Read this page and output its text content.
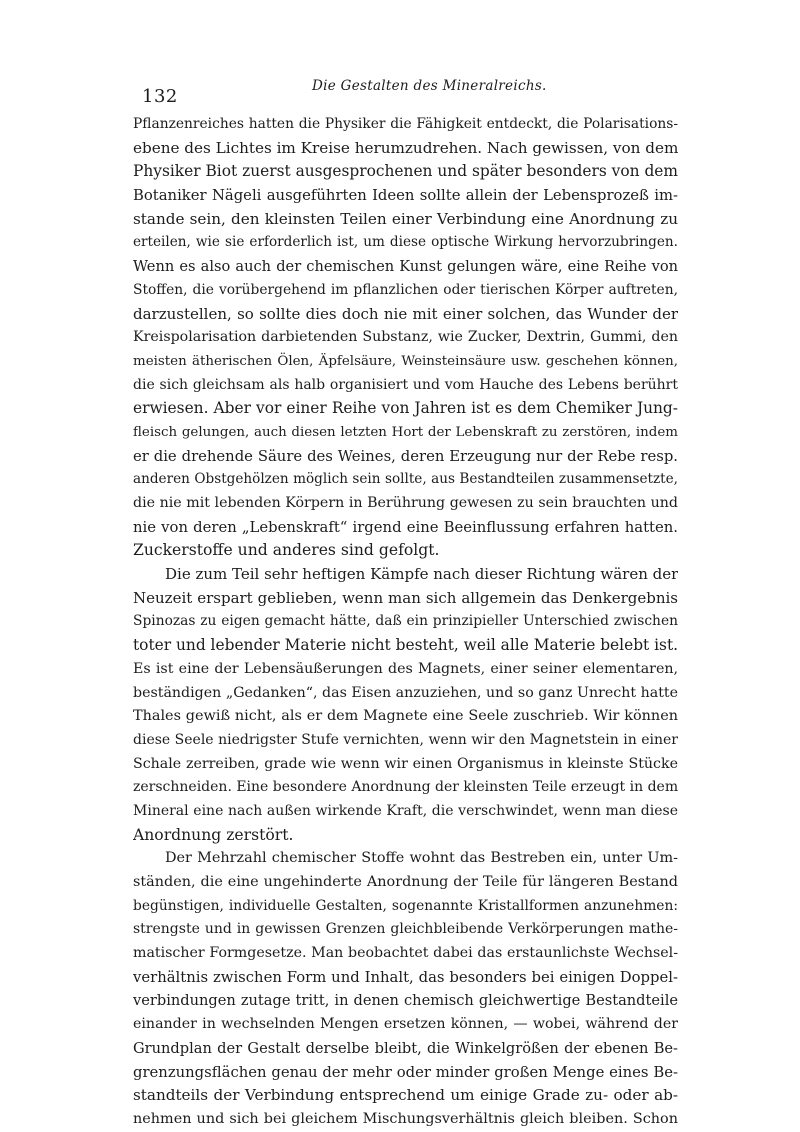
132	Die Gestalten des Mineralreichs.
Pflanzenreiches hatten die Physiker die Fähigkeit entdeckt, die Polarisations-
ebene des Lichtes im Kreise herumzudrehen. Nach gewissen, von dem
Physiker Biot zuerst ausgesprochenen und später besonders von dem
Botaniker Nägeli ausgeführten Ideen sollte allein der Lebensprozeß im-
stande sein, den kleinsten Teilen einer Verbindung eine Anordnung zu
erteilen, wie sie erforderlich ist, um diese optische Wirkung hervorzubringen.
Wenn es also auch der chemischen Kunst gelungen wäre, eine Reihe von
Stoffen, die vorübergehend im pflanzlichen oder tierischen Körper auftreten,
darzustellen, so sollte dies doch nie mit einer solchen, das Wunder der
Kreispolarisation darbietenden Substanz, wie Zucker, Dextrin, Gummi, den
meisten ätherischen Ölen, Äpfelsäure, Weinsteinsäure usw. geschehen können,
die sich gleichsam als halb organisiert und vom Hauche des Lebens berührt
erwiesen. Aber vor einer Reihe von Jahren ist es dem Chemiker Jung-
fleisch gelungen, auch diesen letzten Hort der Lebenskraft zu zerstören, indem
er die drehende Säure des Weines, deren Erzeugung nur der Rebe resp.
anderen Obstgehölzen möglich sein sollte, aus Bestandteilen zusammensetzte,
die nie mit lebenden Körpern in Berührung gewesen zu sein brauchten und
nie von deren „Lebenskraft“ irgend eine Beeinflussung erfahren hatten.
Zuckerstoffe und anderes sind gefolgt.
Die zum Teil sehr heftigen Kämpfe nach dieser Richtung wären der
Neuzeit erspart geblieben, wenn man sich allgemein das Denkergebnis
Spinozas zu eigen gemacht hätte, daß ein prinzipieller Unterschied zwischen
toter und lebender Materie nicht besteht, weil alle Materie belebt ist.
Es ist eine der Lebensäußerungen des Magnets, einer seiner elementaren,
beständigen „Gedanken“, das Eisen anzuziehen, und so ganz Unrecht hatte
Thales gewiß nicht, als er dem Magnete eine Seele zuschrieb. Wir können
diese Seele niedrigster Stufe vernichten, wenn wir den Magnetstein in einer
Schale zerreiben, grade wie wenn wir einen Organismus in kleinste Stücke
zerschneiden. Eine besondere Anordnung der kleinsten Teile erzeugt in dem
Mineral eine nach außen wirkende Kraft, die verschwindet, wenn man diese
Anordnung zerstört.
Der Mehrzahl chemischer Stoffe wohnt das Bestreben ein, unter Um-
ständen, die eine ungehinderte Anordnung der Teile für längeren Bestand
begünstigen, individuelle Gestalten, sogenannte Kristallformen anzunehmen:
strengste und in gewissen Grenzen gleichbleibende Verkörperungen mathe-
matischer Formgesetze. Man beobachtet dabei das erstaunlichste Wechsel-
verhältnis zwischen Form und Inhalt, das besonders bei einigen Doppel-
verbindungen zutage tritt, in denen chemisch gleichwertige Bestandteile
einander in wechselnden Mengen ersetzen können, — wobei, während der
Grundplan der Gestalt derselbe bleibt, die Winkelgrößen der ebenen Be-
grenzungsflächen genau der mehr oder minder großen Menge eines Be-
standteils der Verbindung entsprechend um einige Grade zu- oder ab-
nehmen und sich bei gleichem Mischungsverhältnis gleich bleiben. Schon
